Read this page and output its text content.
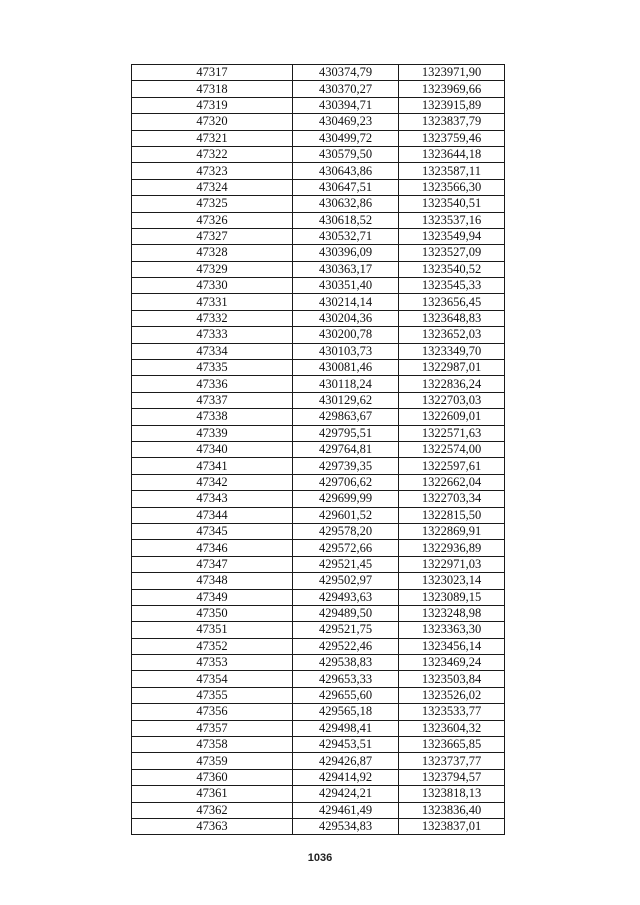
47317	430374,79	1323971,90
47318	430370,27	1323969,66
47319	430394,71	1323915,89
47320	430469,23	1323837,79
47321	430499,72	1323759,46
47322	430579,50	1323644,18
47323	430643,86	1323587,11
47324	430647,51	1323566,30
47325	430632,86	1323540,51
47326	430618,52	1323537,16
47327	430532,71	1323549,94
47328	430396,09	1323527,09
47329	430363,17	1323540,52
47330	430351,40	1323545,33
47331	430214,14	1323656,45
47332	430204,36	1323648,83
47333	430200,78	1323652,03
47334	430103,73	1323349,70
47335	430081,46	1322987,01
47336	430118,24	1322836,24
47337	430129,62	1322703,03
47338	429863,67	1322609,01
47339	429795,51	1322571,63
47340	429764,81	1322574,00
47341	429739,35	1322597,61
47342	429706,62	1322662,04
47343	429699,99	1322703,34
47344	429601,52	1322815,50
47345	429578,20	1322869,91
47346	429572,66	1322936,89
47347	429521,45	1322971,03
47348	429502,97	1323023,14
47349	429493,63	1323089,15
47350	429489,50	1323248,98
47351	429521,75	1323363,30
47352	429522,46	1323456,14
47353	429538,83	1323469,24
47354	429653,33	1323503,84
47355	429655,60	1323526,02
47356	429565,18	1323533,77
47357	429498,41	1323604,32
47358	429453,51	1323665,85
47359	429426,87	1323737,77
47360	429414,92	1323794,57
47361	429424,21	1323818,13
47362	429461,49	1323836,40
47363	429534,83	1323837,01
1036
